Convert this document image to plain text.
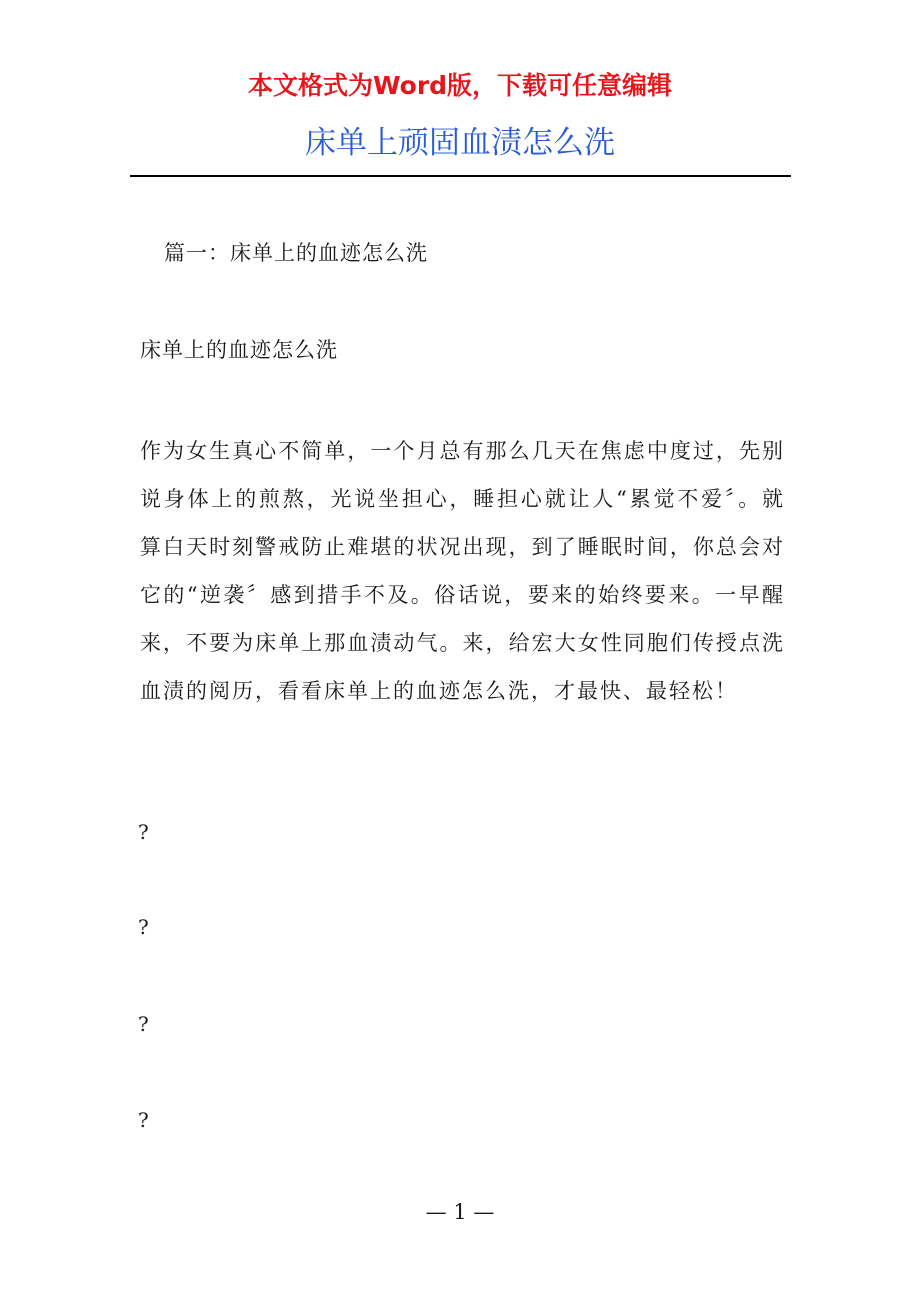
本文格式为Word版，下载可任意编辑
床单上顽固血渍怎么洗
篇一：床单上的血迹怎么洗
床单上的血迹怎么洗
作为女生真心不简单，一个月总有那么几天在焦虑中度过，先别说身体上的煎熬，光说坐担心，睡担心就让人“累觉不爱〞。就算白天时刻警戒防止难堪的状况出现，到了睡眠时间，你总会对它的“逆袭〞感到措手不及。俗话说，要来的始终要来。一早醒来，不要为床单上那血渍动气。来，给宏大女性同胞们传授点洗血渍的阅历，看看床单上的血迹怎么洗，才最快、最轻松！
?
?
?
?
— 1 —
